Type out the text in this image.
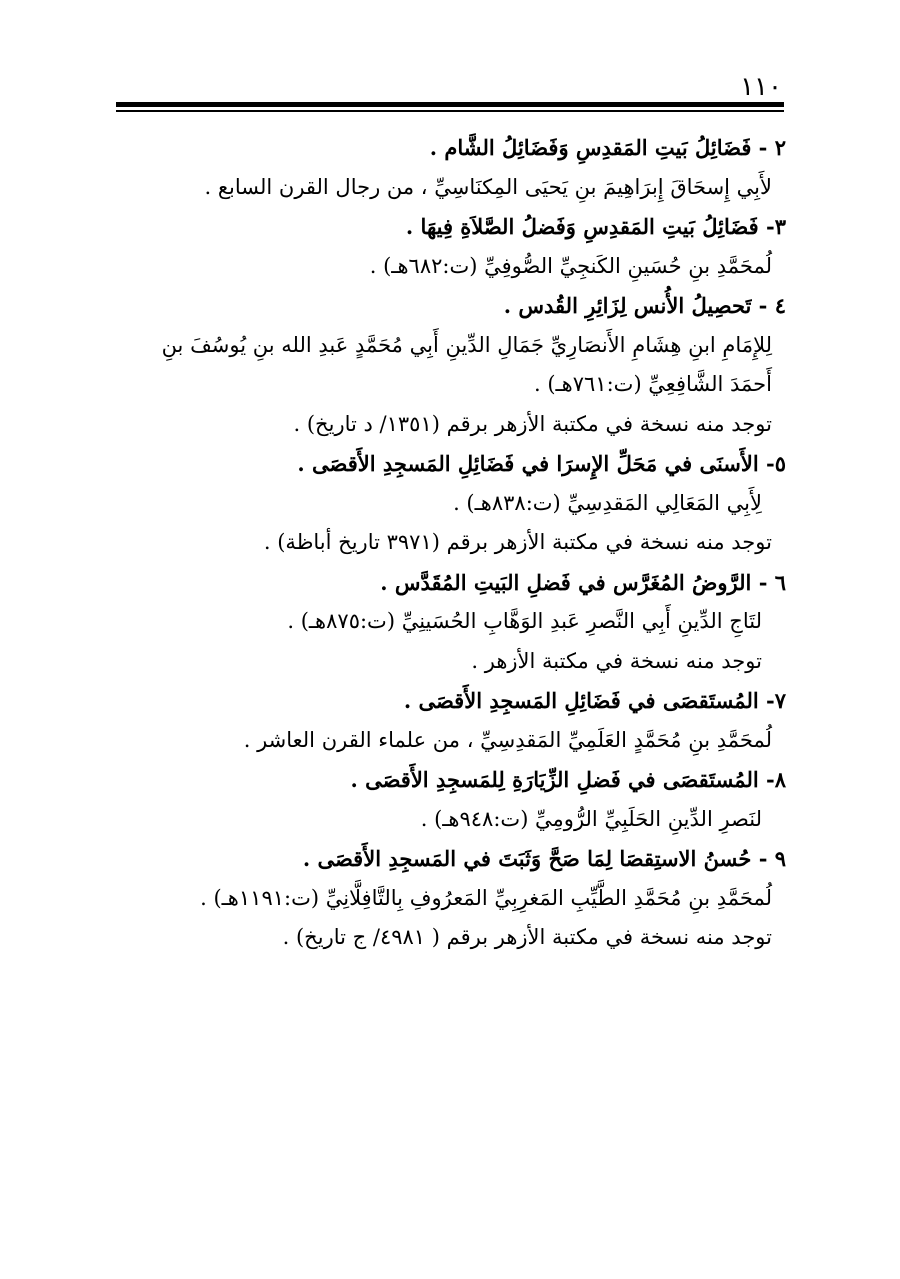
١١٠
٢ - فَضَائِلُ بَيتِ المَقدِسِ وَفَضَائِلُ الشَّام .
لأَبِي إِسحَاقَ إِبرَاهِيمَ بنِ يَحيَى المِكنَاسِيِّ ، من رجال القرن السابع .
٣- فَضَائِلُ بَيتِ المَقدِسِ وَفَضلُ الصَّلاَةِ فِيهَا .
لُمحَمَّدِ بنِ حُسَينِ الكَنجِيِّ الصُّوفِيِّ (ت:٦٨٢هـ) .
٤ - تَحصِيلُ الأُنس لِزَائِرِ القُدس .
لِلإِمَامِ ابنِ هِشَامِ الأَنصَارِيِّ جَمَالِ الدِّينِ أَبِي مُحَمَّدٍ عَبدِ الله بنِ يُوسُفَ بنِ
أَحمَدَ الشَّافِعِيِّ (ت:٧٦١هـ) .
توجد منه نسخة في مكتبة الأزهر برقم (١٣٥١/ د تاريخ) .
٥- الأَسنَى في مَحَلِّ الإِسرَا في فَضَائِلِ المَسجِدِ الأَقصَى .
لِأَبِي المَعَالِي المَقدِسِيِّ (ت:٨٣٨هـ) .
توجد منه نسخة في مكتبة الأزهر برقم (٣٩٧١ تاريخ أباظة) .
٦ - الرَّوضُ المُغَرَّس في فَضلِ البَيتِ المُقَدَّس .
لتَاجِ الدِّينِ أَبِي النَّصرِ عَبدِ الوَهَّابِ الحُسَينِيِّ (ت:٨٧٥هـ) .
توجد منه نسخة في مكتبة الأزهر .
٧- المُستَقصَى في فَضَائِلِ المَسجِدِ الأَقصَى .
لُمحَمَّدِ بنِ مُحَمَّدٍ العَلَمِيِّ المَقدِسِيِّ ، من علماء القرن العاشر .
٨- المُستَقصَى في فَضلِ الزِّيَارَةِ لِلمَسجِدِ الأَقصَى .
لنَصرِ الدِّينِ الحَلَبِيِّ الرُّومِيِّ (ت:٩٤٨هـ) .
٩ - حُسنُ الاستِقصَا لِمَا صَحَّ وَثَبَتَ في المَسجِدِ الأَقصَى .
لُمحَمَّدِ بنِ مُحَمَّدِ الطَّيِّبِ المَغرِبِيِّ المَعرُوفِ بِالتَّافِلَّانِيِّ (ت:١١٩١هـ) .
توجد منه نسخة في مكتبة الأزهر برقم ( ٤٩٨١/ ج تاريخ) .
